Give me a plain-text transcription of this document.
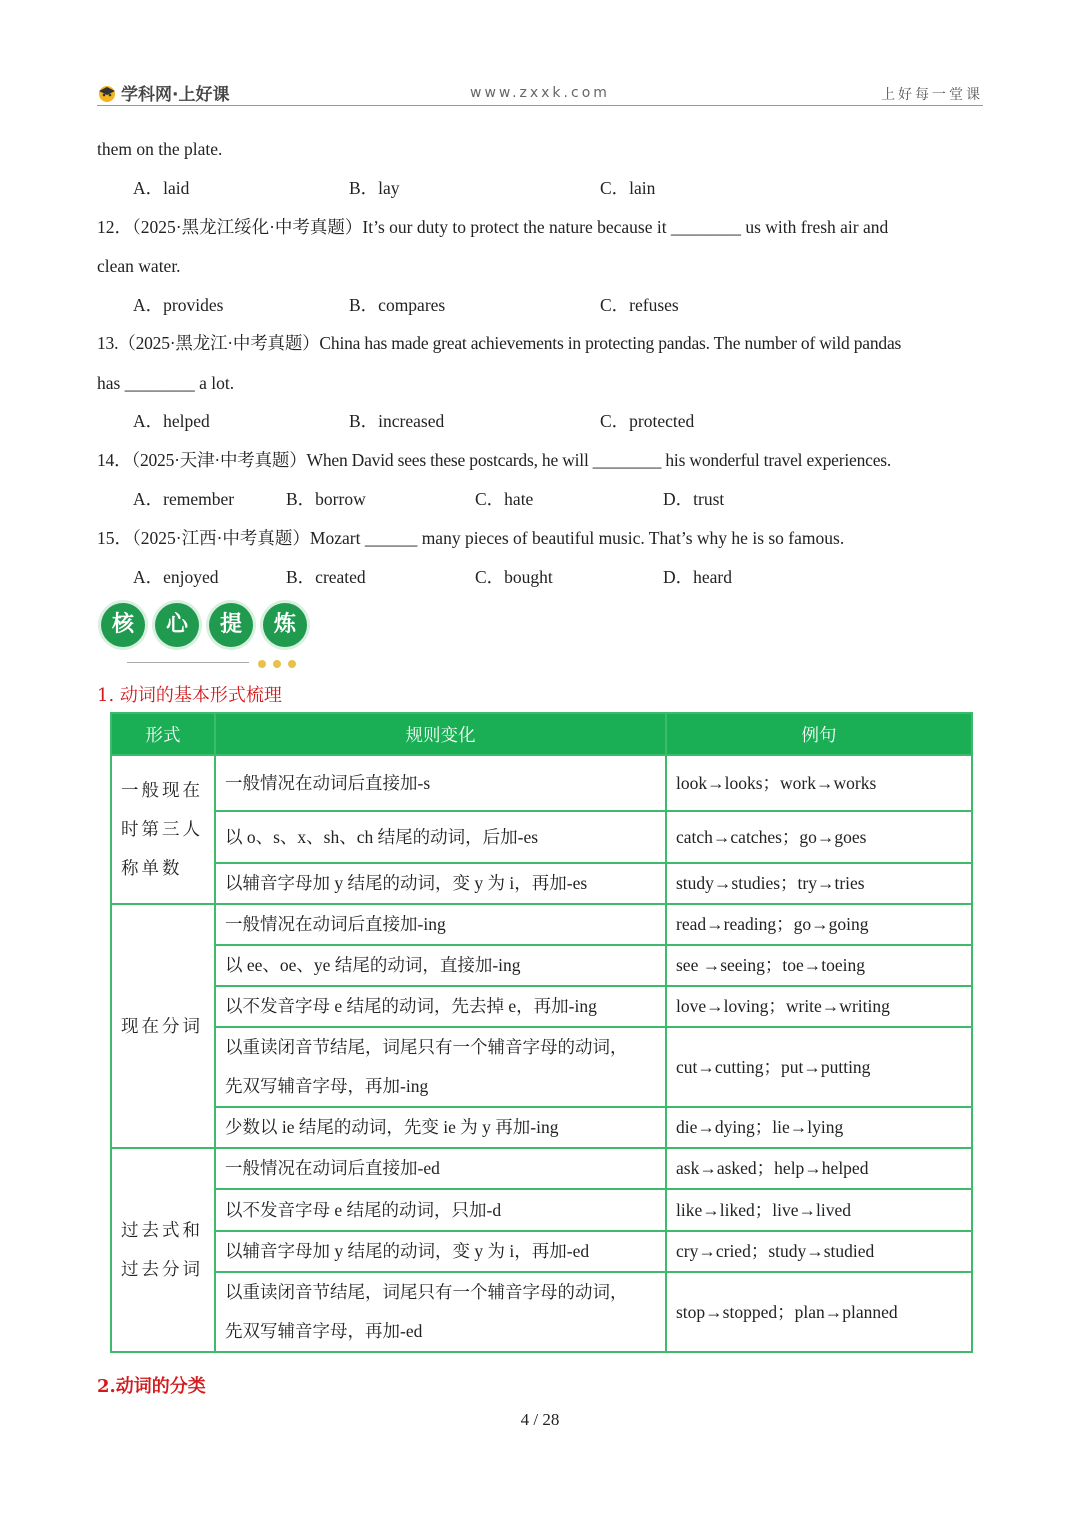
学科网·上好课	www.zxxk.com	上好每一堂课
them on the plate.
A．laid	B．lay	C．lain
12．（2025·黑龙江绥化·中考真题）It’s our duty to protect the nature because it ________ us with fresh air and
clean water.
A．provides	B．compares	C．refuses
13.（2025·黑龙江·中考真题）China has made great achievements in protecting pandas. The number of wild pandas
has ________ a lot.
A．helped	B．increased	C．protected
14．（2025·天津·中考真题）When David sees these postcards, he will ________ his wonderful travel experiences.
A．remember	B．borrow	C．hate	D．trust
15．（2025·江西·中考真题）Mozart ______ many pieces of beautiful music. That’s why he is so famous.
A．enjoyed	B．created	C．bought	D．heard
核	心	提	炼
1. 动词的基本形式梳理
形式	规则变化	例句

一般现在
时第三人
称单数	一般情况在动词后直接加-s	look→looks；work→works
	以 o、s、x、sh、ch 结尾的动词，后加-es	catch→catches；go→goes
	以辅音字母加 y 结尾的动词，变 y 为 i，再加-es	study→studies；try→tries

现在分词	一般情况在动词后直接加-ing	read→reading；go→going
	以 ee、oe、ye 结尾的动词，直接加-ing	see →seeing；toe→toeing
	以不发音字母 e 结尾的动词，先去掉 e，再加-ing	love→loving；write→writing

	以重读闭音节结尾，词尾只有一个辅音字母的动词，
先双写辅音字母，再加-ing	cut→cutting；put→putting
	少数以 ie 结尾的动词，先变 ie 为 y 再加-ing	die→dying；lie→lying

过去式和
过去分词	一般情况在动词后直接加-ed	ask→asked；help→helped
	以不发音字母 e 结尾的动词，只加-d	like→liked；live→lived
	以辅音字母加 y 结尾的动词，变 y 为 i，再加-ed	cry→cried；study→studied

	以重读闭音节结尾，词尾只有一个辅音字母的动词，
先双写辅音字母，再加-ed	stop→stopped；plan→planned
2.动词的分类
4 / 28
